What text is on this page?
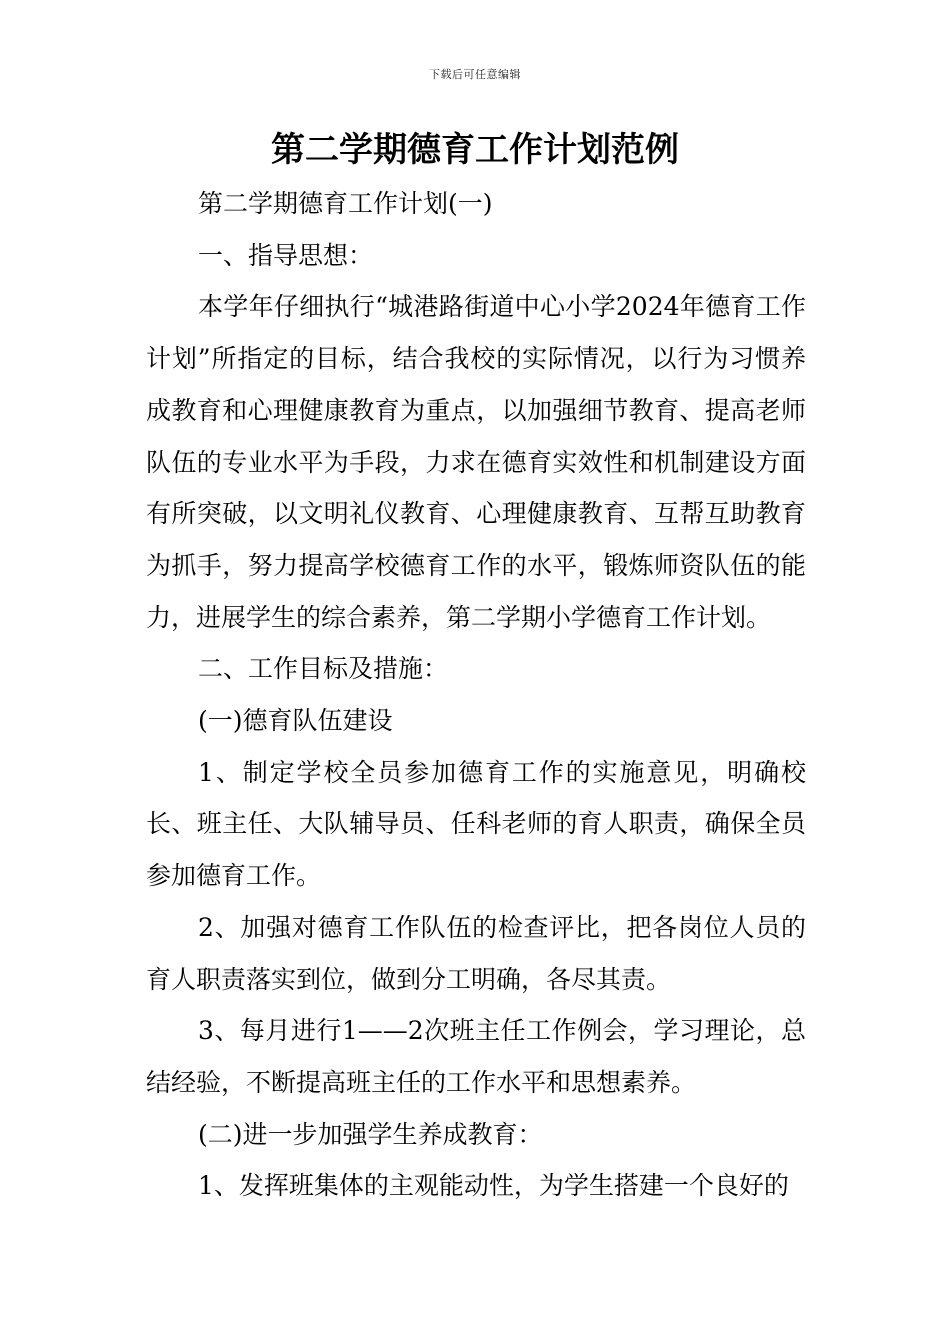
下载后可任意编辑
第二学期德育工作计划范例

第二学期德育工作计划(一)

一、指导思想：

本学年仔细执行“城港路街道中心小学2024年德育工作计划”所指定的目标，结合我校的实际情况，以行为习惯养成教育和心理健康教育为重点，以加强细节教育、提高老师队伍的专业水平为手段，力求在德育实效性和机制建设方面有所突破，以文明礼仪教育、心理健康教育、互帮互助教育为抓手，努力提高学校德育工作的水平，锻炼师资队伍的能力，进展学生的综合素养，第二学期小学德育工作计划。

二、工作目标及措施：

(一)德育队伍建设

1、制定学校全员参加德育工作的实施意见，明确校长、班主任、大队辅导员、任科老师的育人职责，确保全员参加德育工作。

2、加强对德育工作队伍的检查评比，把各岗位人员的育人职责落实到位，做到分工明确，各尽其责。

3、每月进行1——2次班主任工作例会，学习理论，总结经验，不断提高班主任的工作水平和思想素养。

(二)进一步加强学生养成教育：

1、发挥班集体的主观能动性，为学生搭建一个良好的
